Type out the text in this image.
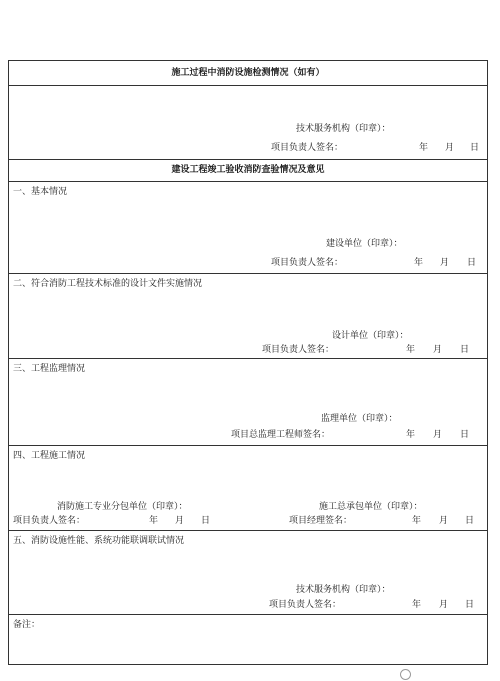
施工过程中消防设施检测情况（如有）
技术服务机构（印章）：
项目负责人签名：	年 月 日
建设工程竣工验收消防查验情况及意见
一、基本情况
建设单位（印章）：
项目负责人签名：	年 月 日
二、符合消防工程技术标准的设计文件实施情况
设计单位（印章）：
项目负责人签名：	年 月 日
三、工程监理情况
监理单位（印章）：
项目总监理工程师签名：	年 月 日
四、工程施工情况
消防施工专业分包单位（印章）：	施工总承包单位（印章）：
项目负责人签名：	年 月 日	项目经理签名：	年 月 日
五、消防设施性能、系统功能联调联试情况
技术服务机构（印章）：
项目负责人签名：	年 月 日
备注：
